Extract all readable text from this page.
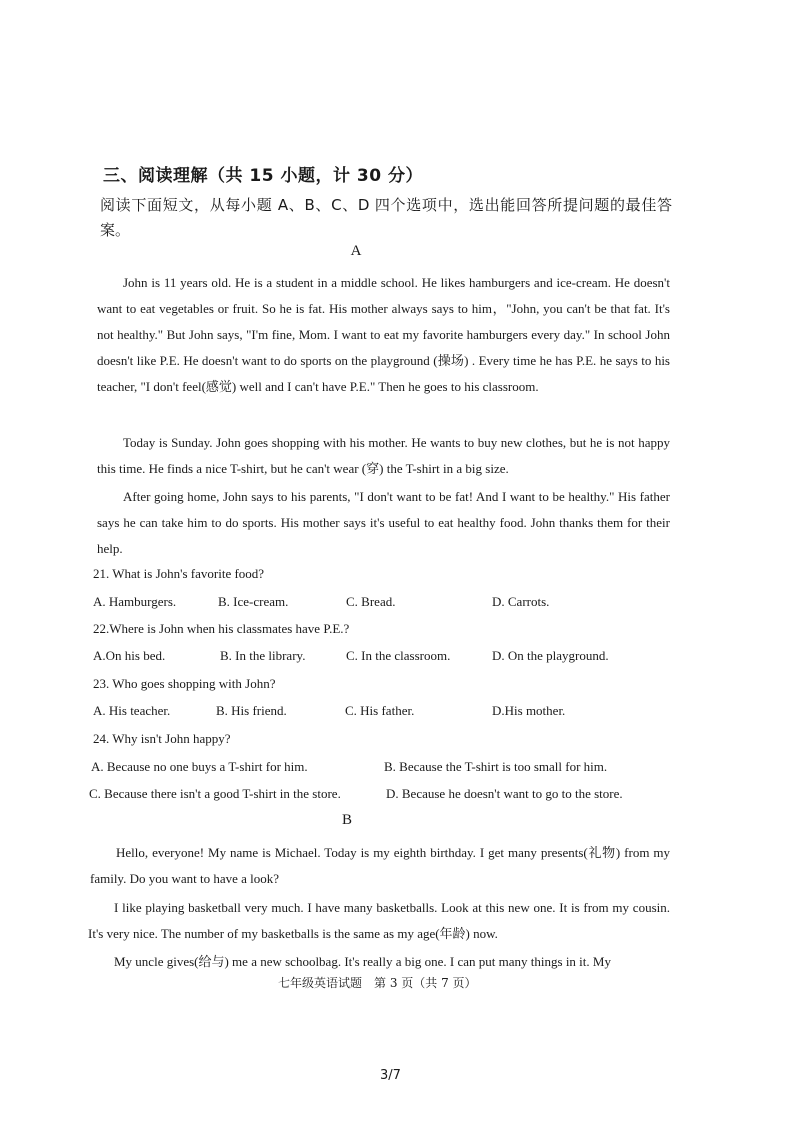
三、阅读理解（共 15 小题，计 30 分）
阅读下面短文，从每小题 A、B、C、D 四个选项中，选出能回答所提问题的最佳答案。
A
John is 11 years old. He is a student in a middle school. He likes hamburgers and ice-cream. He doesn't want to eat vegetables or fruit. So he is fat. His mother always says to him，"John, you can't be that fat. It's not healthy." But John says, "I'm fine, Mom. I want to eat my favorite hamburgers every day." In school John doesn't like P.E. He doesn't want to do sports on the playground (操场) . Every time he has P.E. he says to his teacher, "I don't feel(感觉) well and I can't have P.E." Then he goes to his classroom.
Today is Sunday. John goes shopping with his mother. He wants to buy new clothes, but he is not happy this time. He finds a nice T-shirt, but he can't wear (穿) the T-shirt in a big size.
After going home, John says to his parents, "I don't want to be fat! And I want to be healthy." His father says he can take him to do sports. His mother says it's useful to eat healthy food. John thanks them for their help.
21. What is John's favorite food?
A. Hamburgers.	B. Ice-cream.	C. Bread.	D. Carrots.
22.Where is John when his classmates have P.E.?
A.On his bed.	B. In the library.	C. In the classroom.	D. On the playground.
23. Who goes shopping with John?
A. His teacher.	B. His friend.	C. His father.	D.His mother.
24. Why isn't John happy?
A. Because no one buys a T-shirt for him.	B. Because the T-shirt is too small for him.
C. Because there isn't a good T-shirt in the store.	D. Because he doesn't want to go to the store.
B
Hello, everyone! My name is Michael. Today is my eighth birthday. I get many presents(礼物) from my family. Do you want to have a look?
I like playing basketball very much. I have many basketballs. Look at this new one. It is from my cousin. It's very nice. The number of my basketballs is the same as my age(年龄) now.
My uncle gives(给与) me a new schoolbag. It's really a big one. I can put many things in it. My
七年级英语试题　第 3 页（共 7 页）
3/7
